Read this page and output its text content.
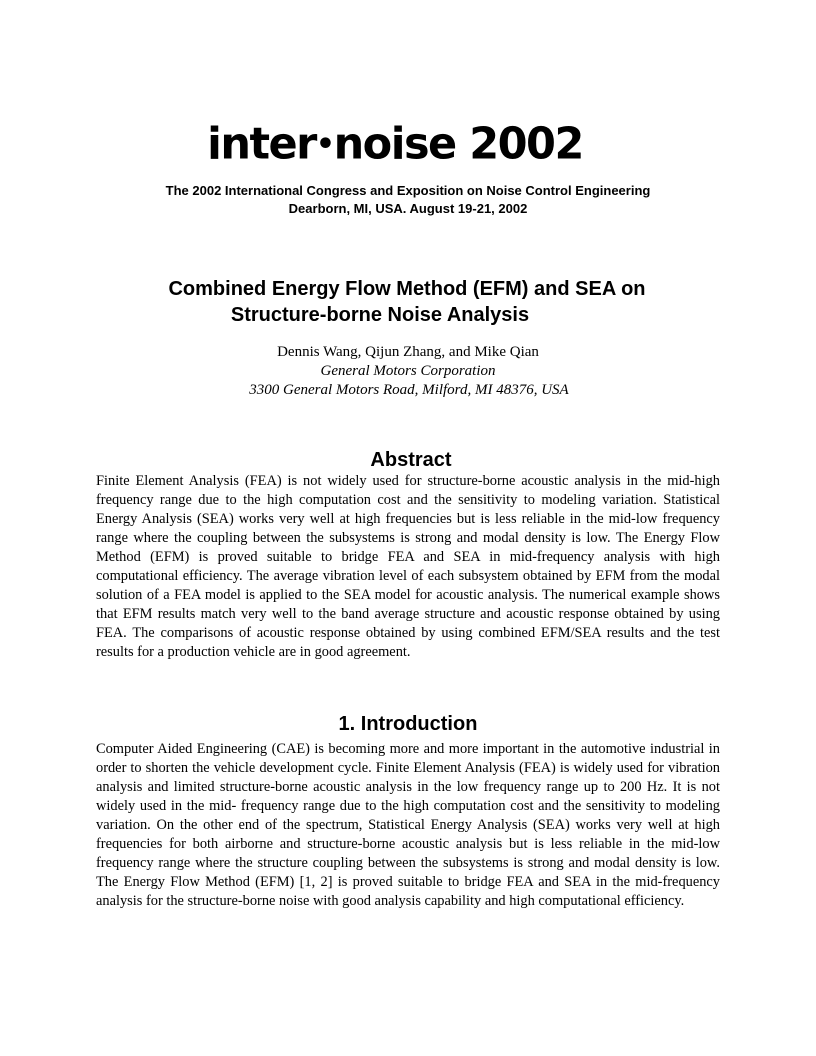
inter•noise 2002
The 2002 International Congress and Exposition on Noise Control Engineering
Dearborn, MI, USA. August 19-21, 2002
Combined Energy Flow Method (EFM) and SEA on
Structure-borne Noise Analysis
Dennis Wang, Qijun Zhang, and Mike Qian
General Motors Corporation
3300 General Motors Road, Milford, MI 48376, USA
Abstract

Finite Element Analysis (FEA) is not widely used for structure-borne acoustic analysis in the mid-high frequency range due to the high computation cost and the sensitivity to modeling variation. Statistical Energy Analysis (SEA) works very well at high frequencies but is less reliable in the mid-low frequency range where the coupling between the subsystems is strong and modal density is low. The Energy Flow Method (EFM) is proved suitable to bridge FEA and SEA in mid-frequency analysis with high computational efficiency. The average vibration level of each subsystem obtained by EFM from the modal solution of a FEA model is applied to the SEA model for acoustic analysis. The numerical example shows that EFM results match very well to the band average structure and acoustic response obtained by using FEA. The comparisons of acoustic response obtained by using combined EFM/SEA results and the test results for a production vehicle are in good agreement.

1. Introduction

Computer Aided Engineering (CAE) is becoming more and more important in the automotive industrial in order to shorten the vehicle development cycle. Finite Element Analysis (FEA) is widely used for vibration analysis and limited structure-borne acoustic analysis in the low frequency range up to 200 Hz. It is not widely used in the mid- frequency range due to the high computation cost and the sensitivity to modeling variation. On the other end of the spectrum, Statistical Energy Analysis (SEA) works very well at high frequencies for both airborne and structure-borne acoustic analysis but is less reliable in the mid-low frequency range where the structure coupling between the subsystems is strong and modal density is low. The Energy Flow Method (EFM) [1, 2] is proved suitable to bridge FEA and SEA in the mid-frequency analysis for the structure-borne noise with good analysis capability and high computational efficiency.
